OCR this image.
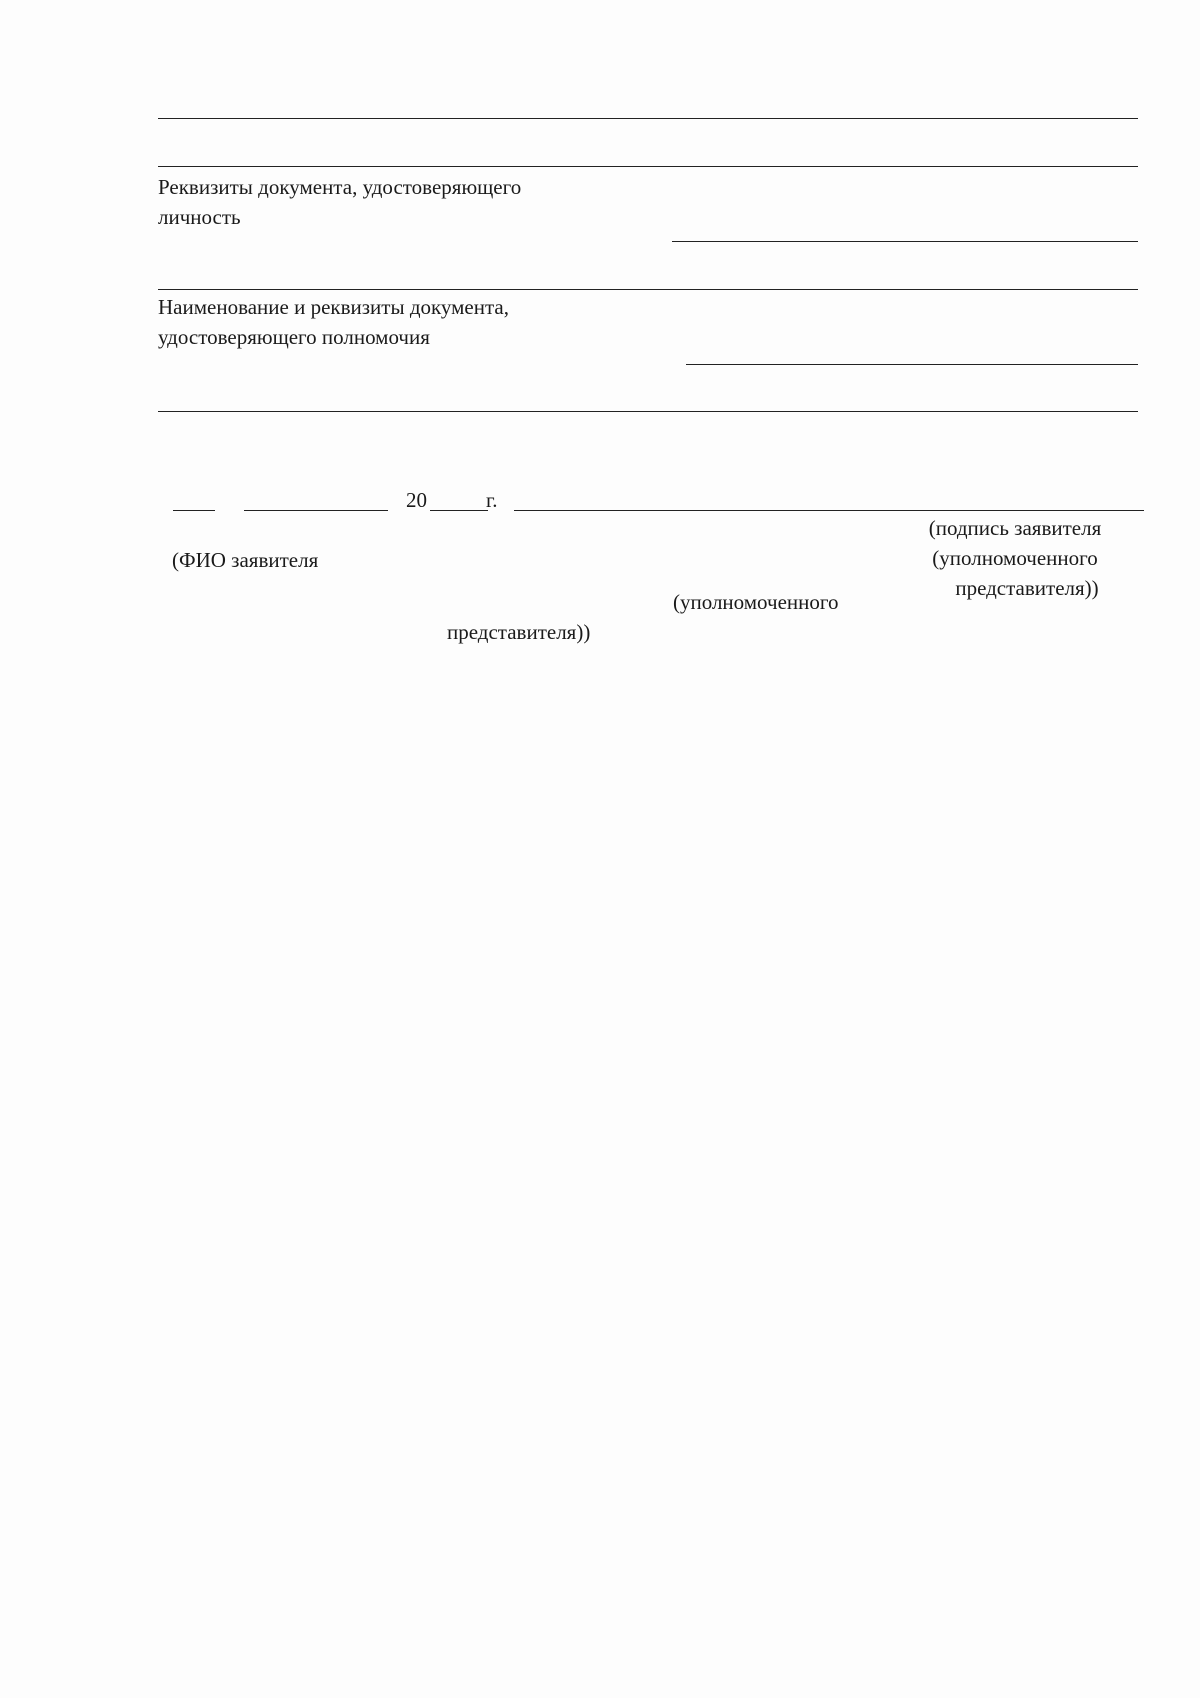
Реквизиты документа, удостоверяющего
личность
Наименование и реквизиты документа,
удостоверяющего полномочия
20	г.
(ФИО заявителя
(уполномоченного
представителя))
(подпись заявителя
(уполномоченного
представителя))
